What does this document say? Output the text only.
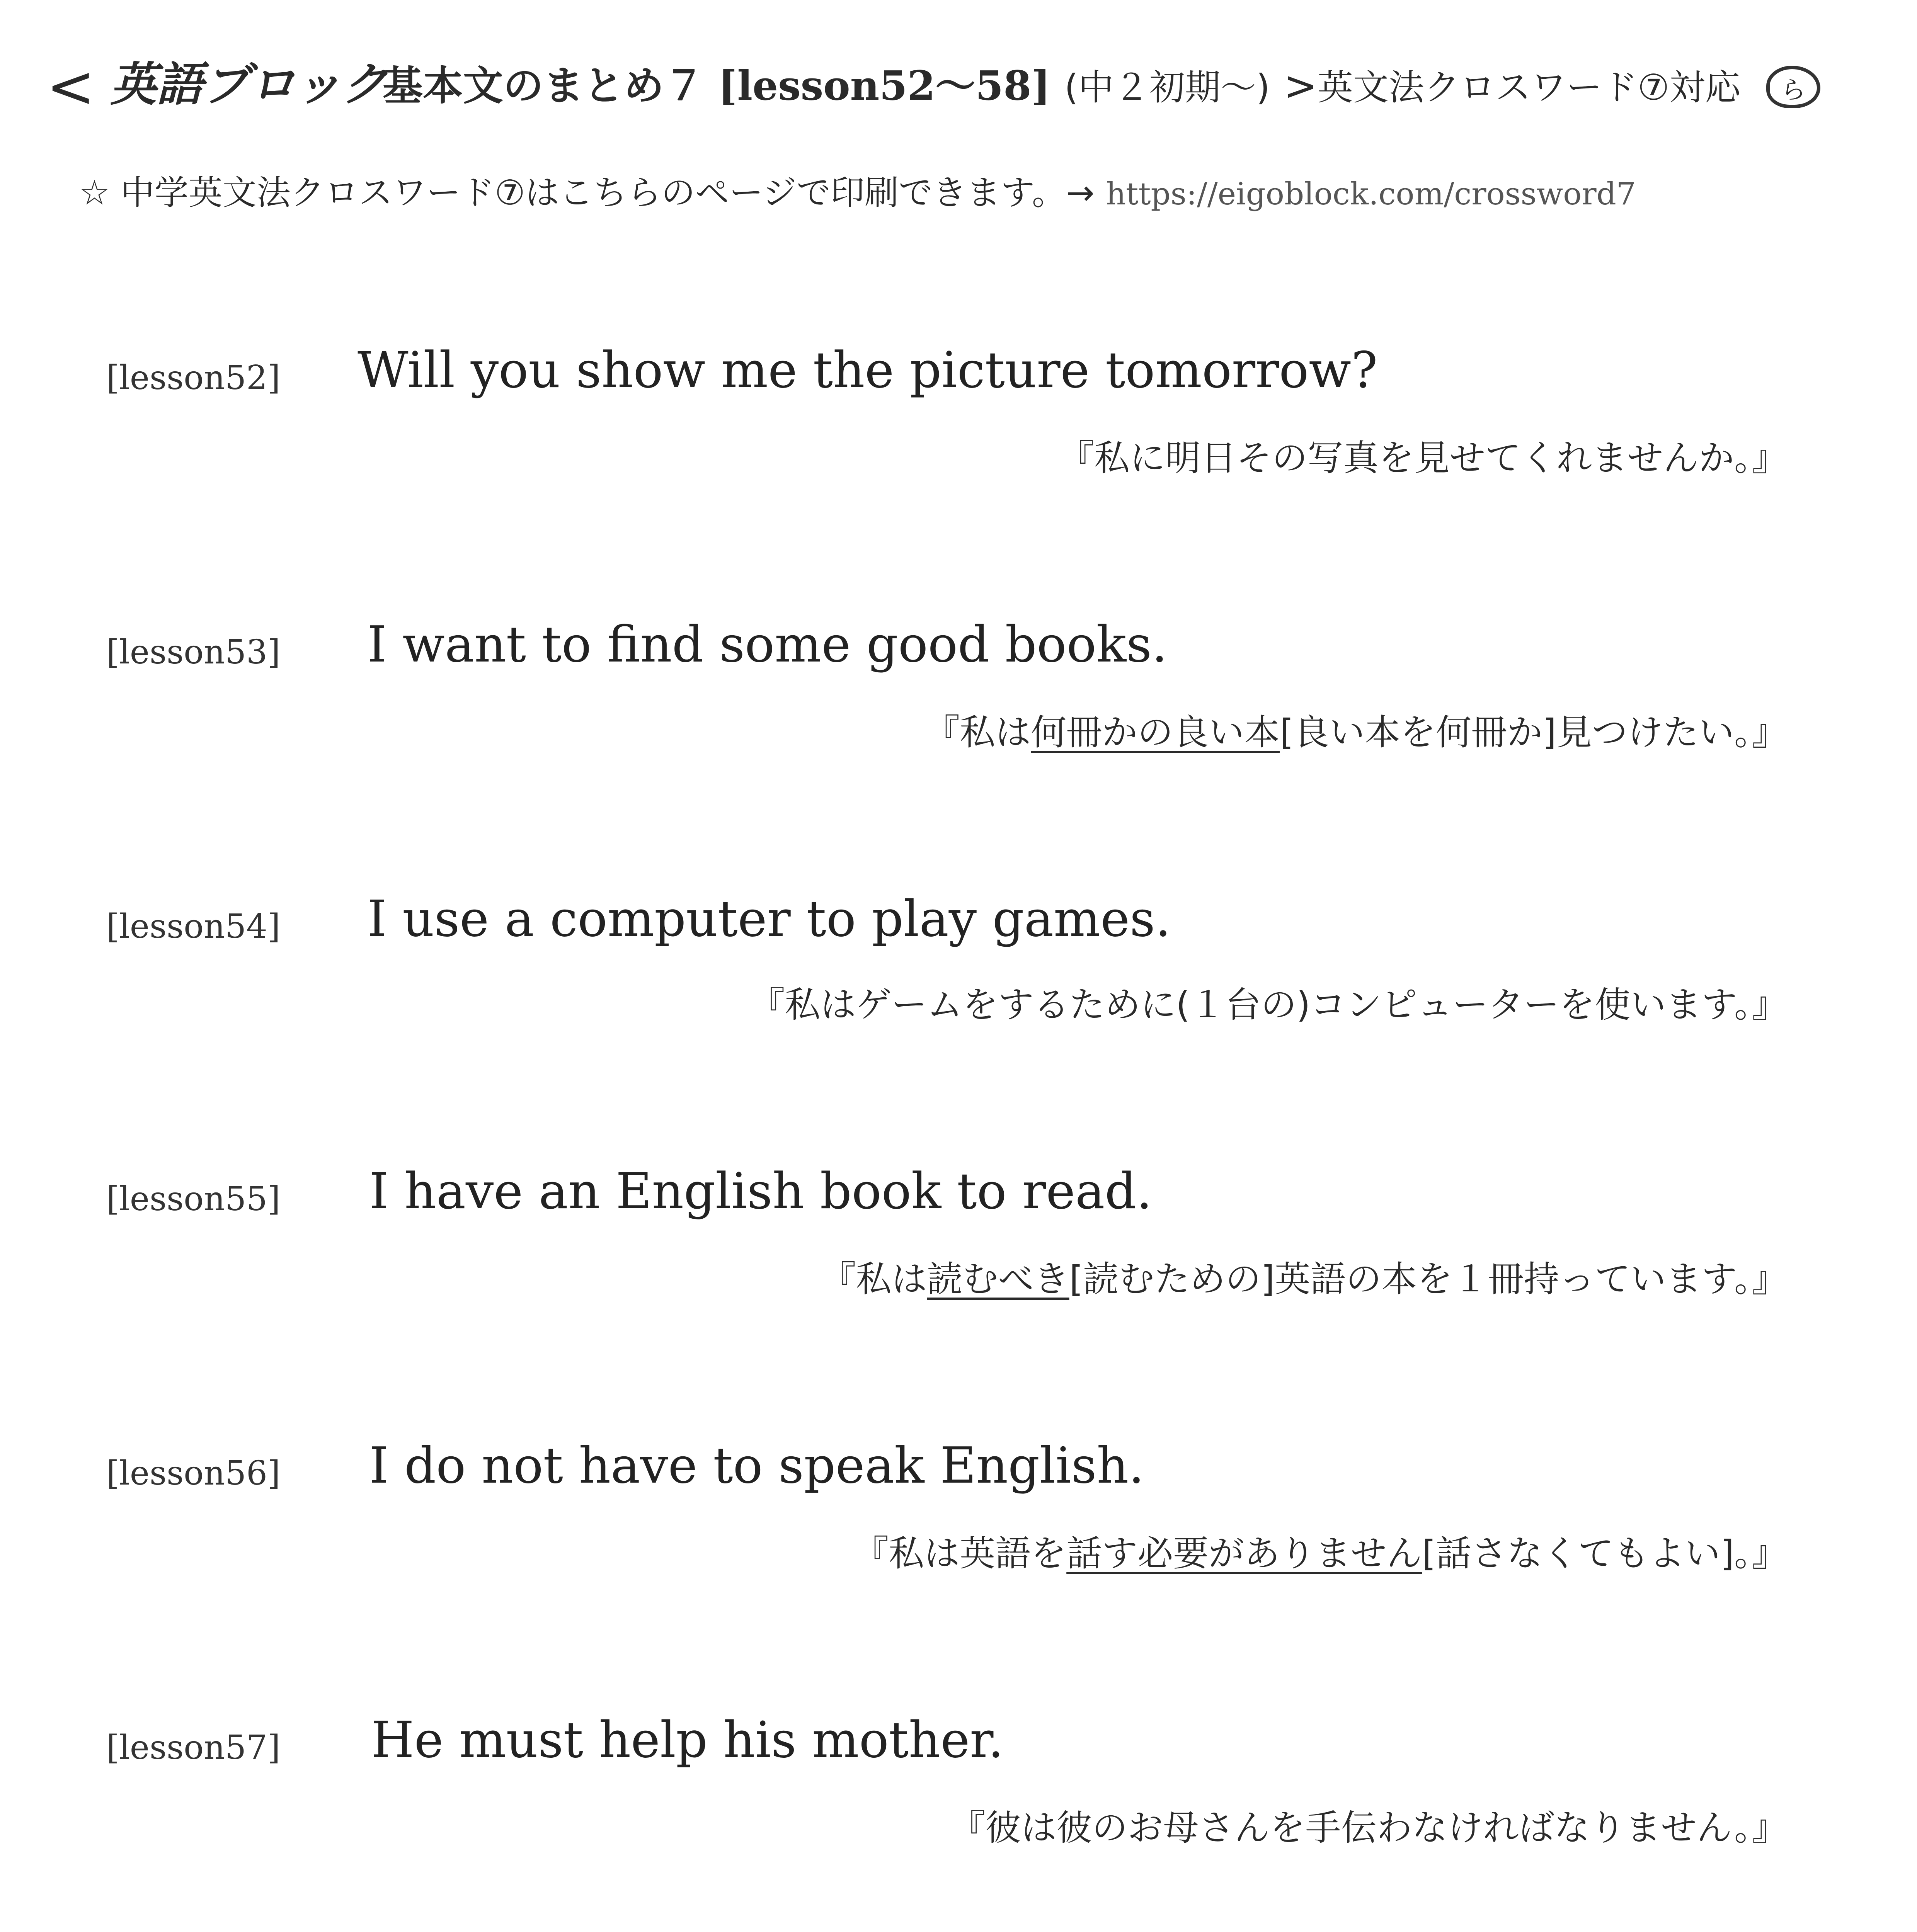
< 英語ブロック
基本文のまとめ７ [lesson52〜58] (中２初期〜) >英文法クロスワード⑦対応	ら
☆ 中学英文法クロスワード⑦はこちらのページで印刷できます。→ https://eigoblock.com/crossword7
[lesson52] Will you show me the picture tomorrow?
『私に明日その写真を見せてくれませんか。』
[lesson53] I want to find some good books.
『私は何冊かの良い本[良い本を何冊か]見つけたい。』
[lesson54] I use a computer to play games.
『私はゲームをするために(１台の)コンピューターを使います。』
[lesson55] I have an English book to read.
『私は読むべき[読むための]英語の本を１冊持っています。』
[lesson56] I do not have to speak English.
『私は英語を話す必要がありません[話さなくてもよい]。』
[lesson57] He must help his mother.
『彼は彼のお母さんを手伝わなければなりません。』
